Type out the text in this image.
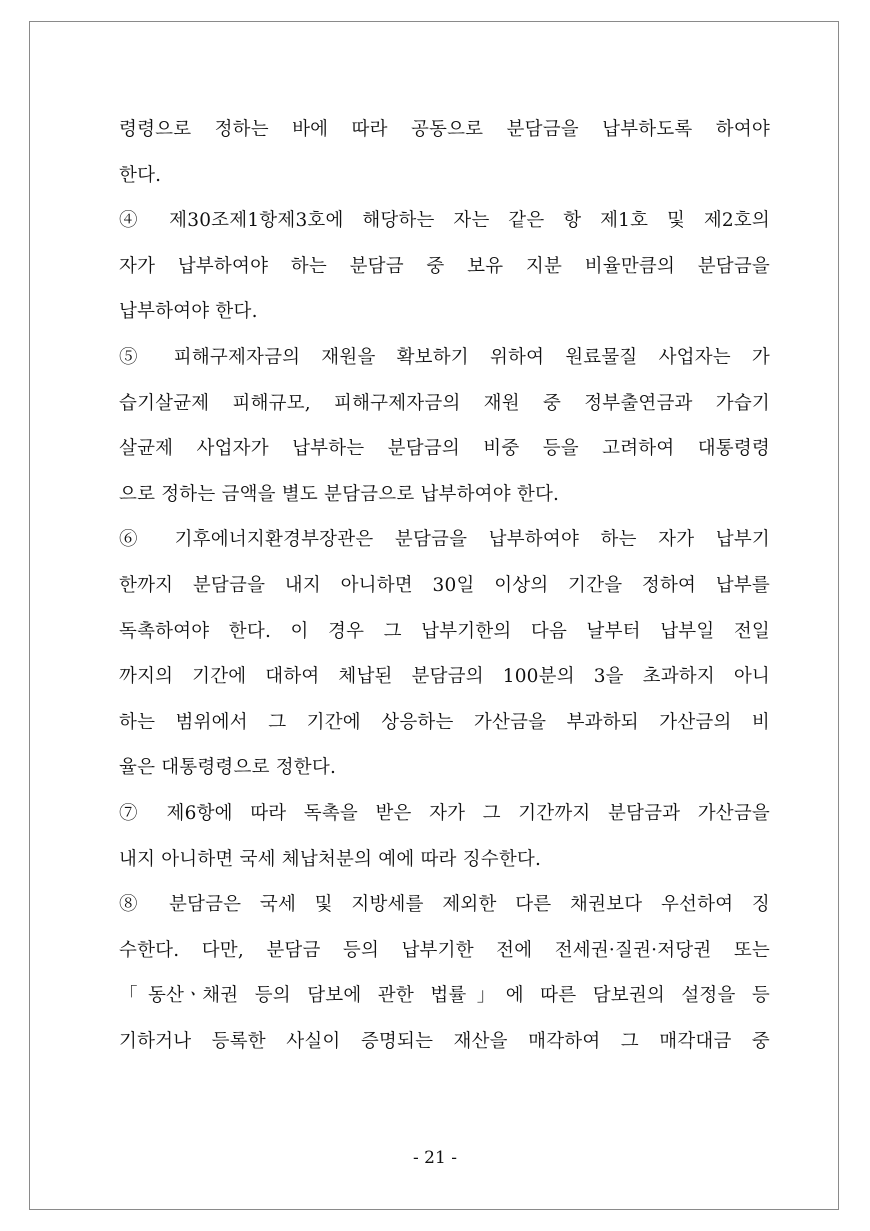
령령으로 정하는 바에 따라 공동으로 분담금을 납부하도록 하여야
한다.
④ 제30조제1항제3호에 해당하는 자는 같은 항 제1호 및 제2호의
자가 납부하여야 하는 분담금 중 보유 지분 비율만큼의 분담금을
납부하여야 한다.
⑤ 피해구제자금의 재원을 확보하기 위하여 원료물질 사업자는 가
습기살균제 피해규모, 피해구제자금의 재원 중 정부출연금과 가습기
살균제 사업자가 납부하는 분담금의 비중 등을 고려하여 대통령령
으로 정하는 금액을 별도 분담금으로 납부하여야 한다.
⑥ 기후에너지환경부장관은 분담금을 납부하여야 하는 자가 납부기
한까지 분담금을 내지 아니하면 30일 이상의 기간을 정하여 납부를
독촉하여야 한다. 이 경우 그 납부기한의 다음 날부터 납부일 전일
까지의 기간에 대하여 체납된 분담금의 100분의 3을 초과하지 아니
하는 범위에서 그 기간에 상응하는 가산금을 부과하되 가산금의 비
율은 대통령령으로 정한다.
⑦ 제6항에 따라 독촉을 받은 자가 그 기간까지 분담금과 가산금을
내지 아니하면 국세 체납처분의 예에 따라 징수한다.
⑧ 분담금은 국세 및 지방세를 제외한 다른 채권보다 우선하여 징
수한다. 다만, 분담금 등의 납부기한 전에 전세권·질권·저당권 또는
「동산ㆍ채권 등의 담보에 관한 법률」에 따른 담보권의 설정을 등
기하거나 등록한 사실이 증명되는 재산을 매각하여 그 매각대금 중
- 21 -
